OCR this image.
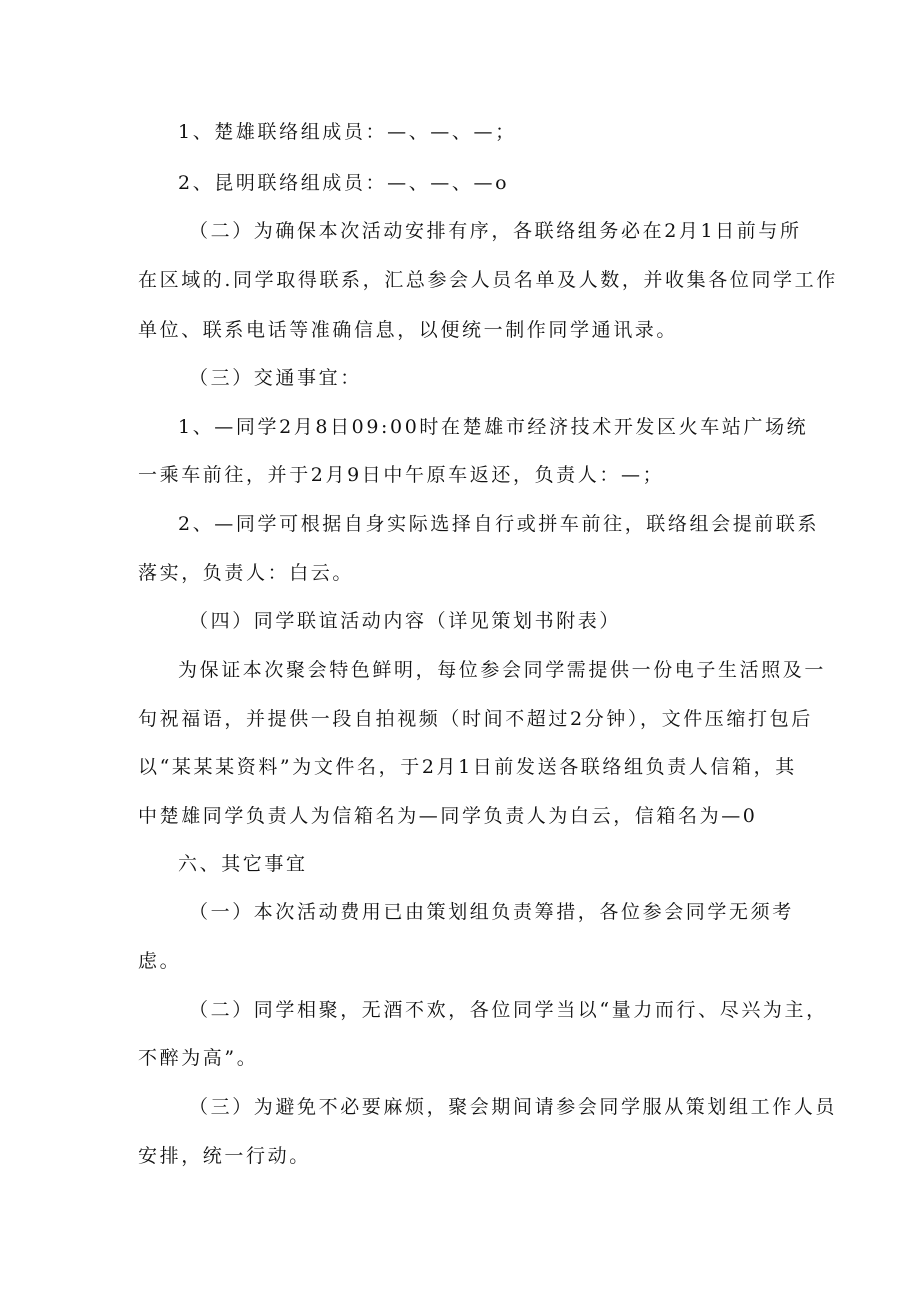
1、楚雄联络组成员：—、—、—；
2、昆明联络组成员：—、—、—o
（二）为确保本次活动安排有序，各联络组务必在2月1日前与所
在区域的.同学取得联系，汇总参会人员名单及人数，并收集各位同学工作
单位、联系电话等准确信息，以便统一制作同学通讯录。
（三）交通事宜：
1、—同学2月8日09:00时在楚雄市经济技术开发区火车站广场统
一乘车前往，并于2月9日中午原车返还，负责人：—；
2、—同学可根据自身实际选择自行或拼车前往，联络组会提前联系
落实，负责人：白云。
（四）同学联谊活动内容（详见策划书附表）
为保证本次聚会特色鲜明，每位参会同学需提供一份电子生活照及一
句祝福语，并提供一段自拍视频（时间不超过2分钟），文件压缩打包后
以“某某某资料”为文件名，于2月1日前发送各联络组负责人信箱，其
中楚雄同学负责人为信箱名为—同学负责人为白云，信箱名为—0
六、其它事宜
（一）本次活动费用已由策划组负责筹措，各位参会同学无须考
虑。
（二）同学相聚，无酒不欢，各位同学当以“量力而行、尽兴为主，
不醉为高”。
（三）为避免不必要麻烦，聚会期间请参会同学服从策划组工作人员
安排，统一行动。
